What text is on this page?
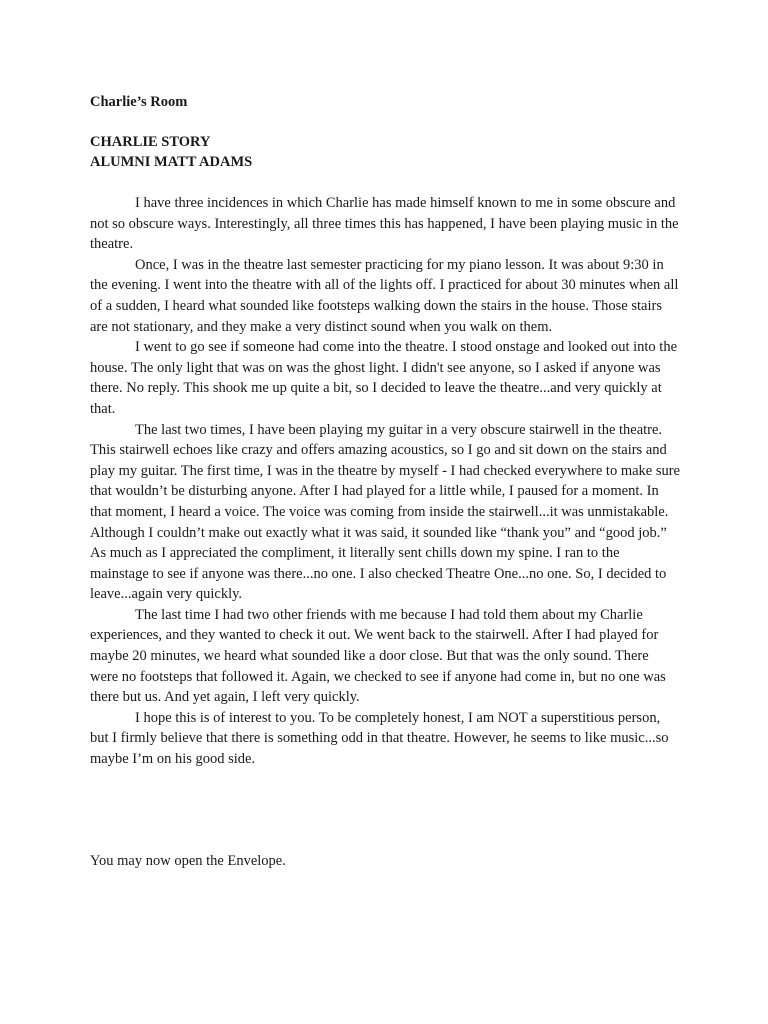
Charlie’s Room
CHARLIE STORY
ALUMNI MATT ADAMS

I have three incidences in which Charlie has made himself known to me in some obscure and not so obscure ways. Interestingly, all three times this has happened, I have been playing music in the theatre.

Once, I was in the theatre last semester practicing for my piano lesson. It was about 9:30 in the evening. I went into the theatre with all of the lights off. I practiced for about 30 minutes when all of a sudden, I heard what sounded like footsteps walking down the stairs in the house. Those stairs are not stationary, and they make a very distinct sound when you walk on them.

I went to go see if someone had come into the theatre. I stood onstage and looked out into the house. The only light that was on was the ghost light. I didn't see anyone, so I asked if anyone was there. No reply. This shook me up quite a bit, so I decided to leave the theatre...and very quickly at that.

The last two times, I have been playing my guitar in a very obscure stairwell in the theatre. This stairwell echoes like crazy and offers amazing acoustics, so I go and sit down on the stairs and play my guitar. The first time, I was in the theatre by myself - I had checked everywhere to make sure that wouldn’t be disturbing anyone. After I had played for a little while, I paused for a moment. In that moment, I heard a voice. The voice was coming from inside the stairwell...it was unmistakable. Although I couldn’t make out exactly what it was said, it sounded like “thank you” and “good job.” As much as I appreciated the compliment, it literally sent chills down my spine. I ran to the mainstage to see if anyone was there...no one. I also checked Theatre One...no one. So, I decided to leave...again very quickly.

The last time I had two other friends with me because I had told them about my Charlie experiences, and they wanted to check it out. We went back to the stairwell. After I had played for maybe 20 minutes, we heard what sounded like a door close. But that was the only sound. There were no footsteps that followed it. Again, we checked to see if anyone had come in, but no one was there but us. And yet again, I left very quickly.

I hope this is of interest to you. To be completely honest, I am NOT a superstitious person, but I firmly believe that there is something odd in that theatre. However, he seems to like music...so maybe I’m on his good side.

You may now open the Envelope.
